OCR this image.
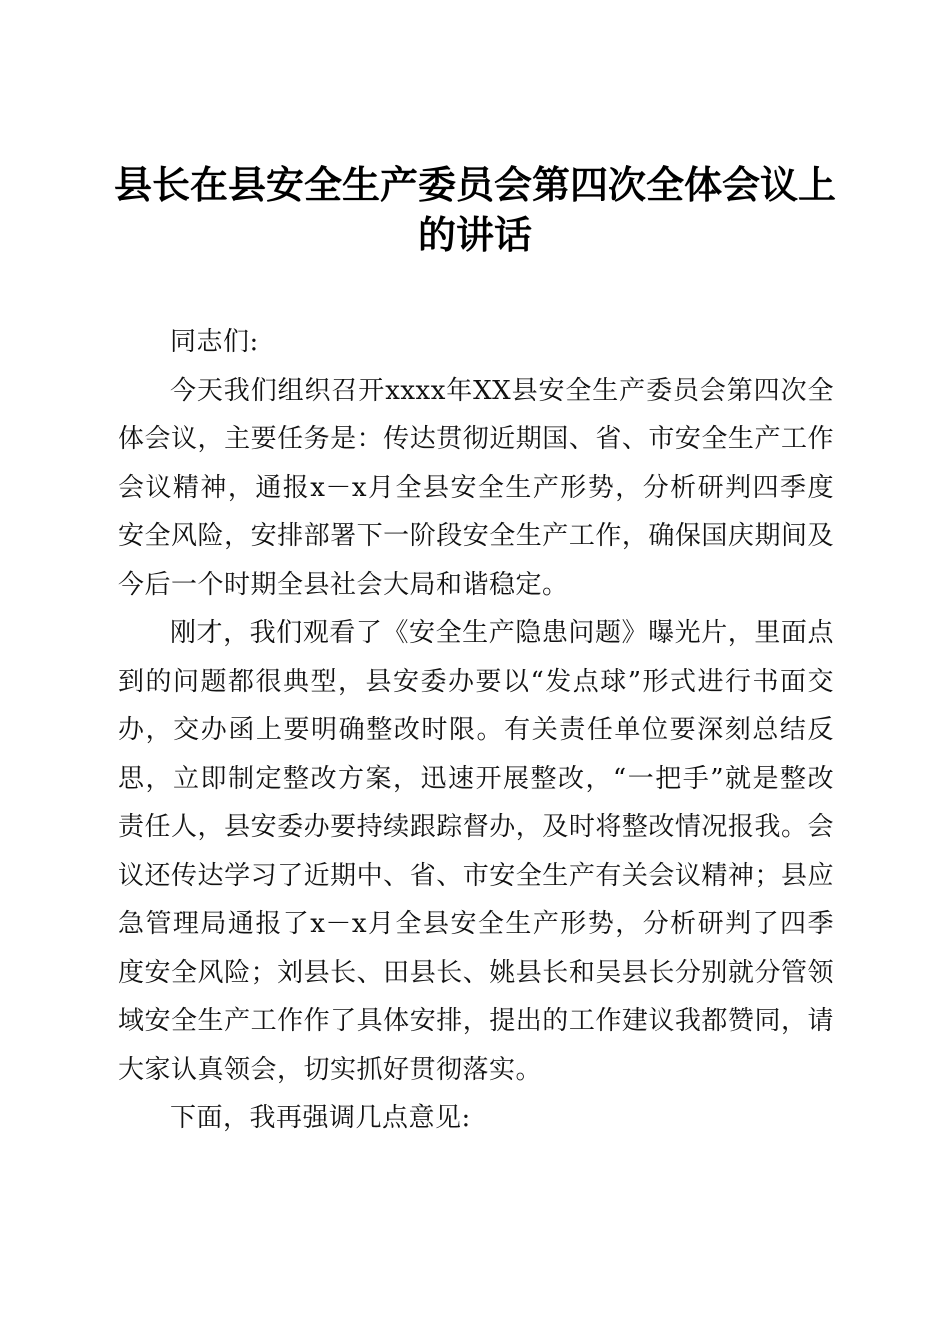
县长在县安全生产委员会第四次全体会议上的讲话

同志们:

今天我们组织召开xxxx年XX县安全生产委员会第四次全体会议，主要任务是：传达贯彻近期国、省、市安全生产工作会议精神，通报x－x月全县安全生产形势，分析研判四季度安全风险，安排部署下一阶段安全生产工作，确保国庆期间及今后一个时期全县社会大局和谐稳定。

刚才，我们观看了《安全生产隐患问题》曝光片，里面点到的问题都很典型，县安委办要以“发点球”形式进行书面交办，交办函上要明确整改时限。有关责任单位要深刻总结反思，立即制定整改方案，迅速开展整改，“一把手”就是整改责任人，县安委办要持续跟踪督办，及时将整改情况报我。会议还传达学习了近期中、省、市安全生产有关会议精神；县应急管理局通报了x－x月全县安全生产形势，分析研判了四季度安全风险；刘县长、田县长、姚县长和吴县长分别就分管领域安全生产工作作了具体安排，提出的工作建议我都赞同，请大家认真领会，切实抓好贯彻落实。

下面，我再强调几点意见:
